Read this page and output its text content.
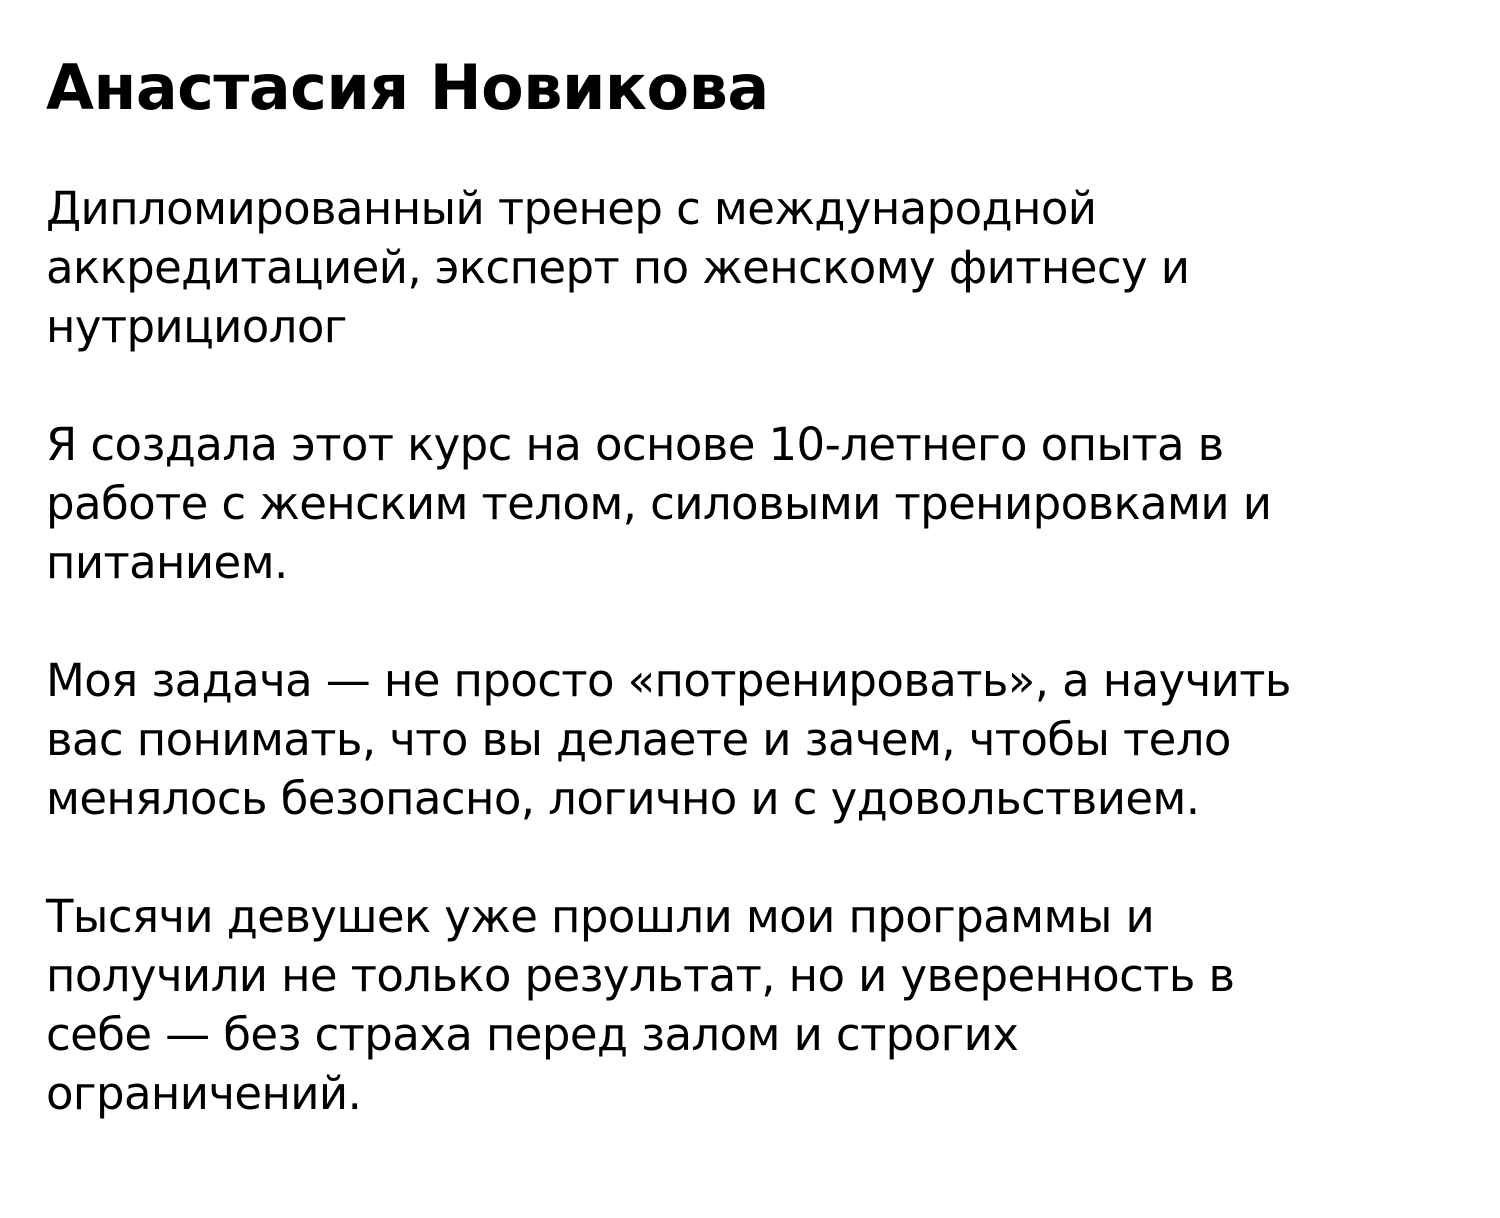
Анастасия Новикова

Дипломированный тренер с международной
аккредитацией, эксперт по женскому фитнесу и
нутрициолог

Я создала этот курс на основе 10-летнего опыта в
работе с женским телом, силовыми тренировками и
питанием.

Моя задача — не просто «потренировать», а научить
вас понимать, что вы делаете и зачем, чтобы тело
менялось безопасно, логично и с удовольствием.

Тысячи девушек уже прошли мои программы и
получили не только результат, но и уверенность в
себе — без страха перед залом и строгих
ограничений.
